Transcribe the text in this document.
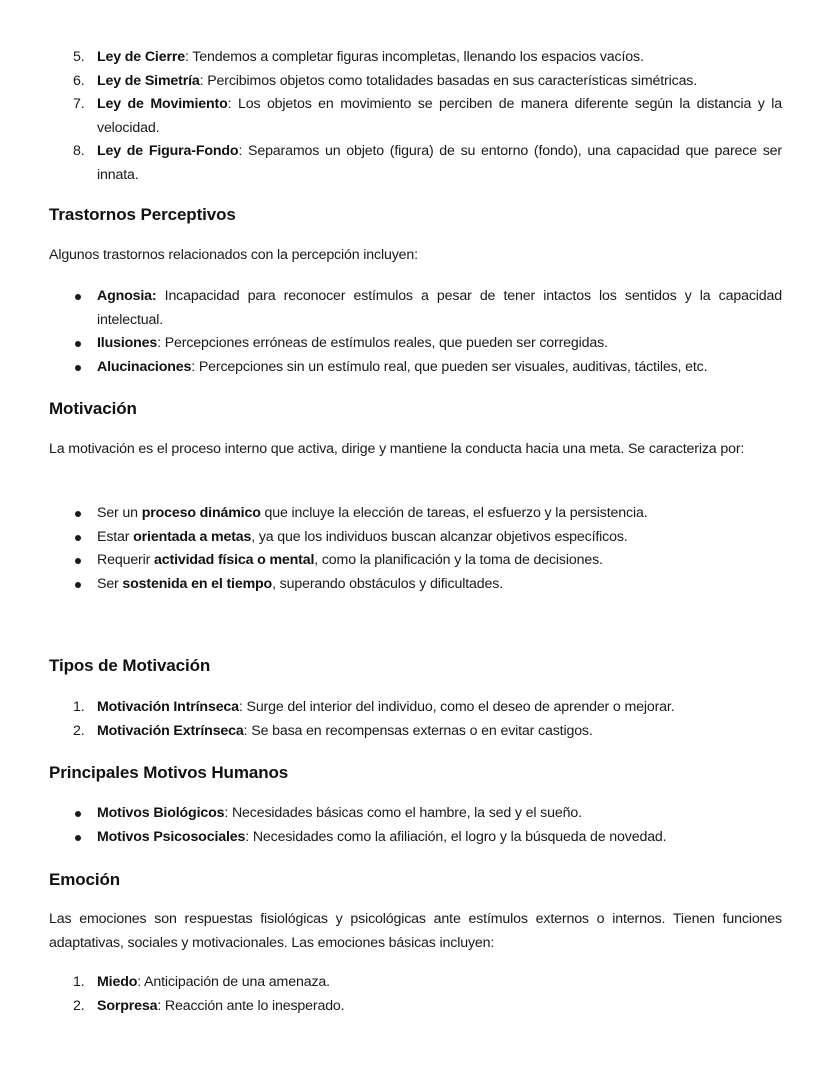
5. Ley de Cierre: Tendemos a completar figuras incompletas, llenando los espacios vacíos.
6. Ley de Simetría: Percibimos objetos como totalidades basadas en sus características simétricas.
7. Ley de Movimiento: Los objetos en movimiento se perciben de manera diferente según la distancia y la velocidad.
8. Ley de Figura-Fondo: Separamos un objeto (figura) de su entorno (fondo), una capacidad que parece ser innata.
Trastornos Perceptivos

Algunos trastornos relacionados con la percepción incluyen:

Agnosia: Incapacidad para reconocer estímulos a pesar de tener intactos los sentidos y la capacidad intelectual.
Ilusiones: Percepciones erróneas de estímulos reales, que pueden ser corregidas.
Alucinaciones: Percepciones sin un estímulo real, que pueden ser visuales, auditivas, táctiles, etc.
Motivación

La motivación es el proceso interno que activa, dirige y mantiene la conducta hacia una meta. Se caracteriza por:

Ser un proceso dinámico que incluye la elección de tareas, el esfuerzo y la persistencia.
Estar orientada a metas, ya que los individuos buscan alcanzar objetivos específicos.
Requerir actividad física o mental, como la planificación y la toma de decisiones.
Ser sostenida en el tiempo, superando obstáculos y dificultades.
Tipos de Motivación
1. Motivación Intrínseca: Surge del interior del individuo, como el deseo de aprender o mejorar.
2. Motivación Extrínseca: Se basa en recompensas externas o en evitar castigos.
Principales Motivos Humanos
Motivos Biológicos: Necesidades básicas como el hambre, la sed y el sueño.
Motivos Psicosociales: Necesidades como la afiliación, el logro y la búsqueda de novedad.
Emoción

Las emociones son respuestas fisiológicas y psicológicas ante estímulos externos o internos. Tienen funciones adaptativas, sociales y motivacionales. Las emociones básicas incluyen:

1. Miedo: Anticipación de una amenaza.
2. Sorpresa: Reacción ante lo inesperado.
